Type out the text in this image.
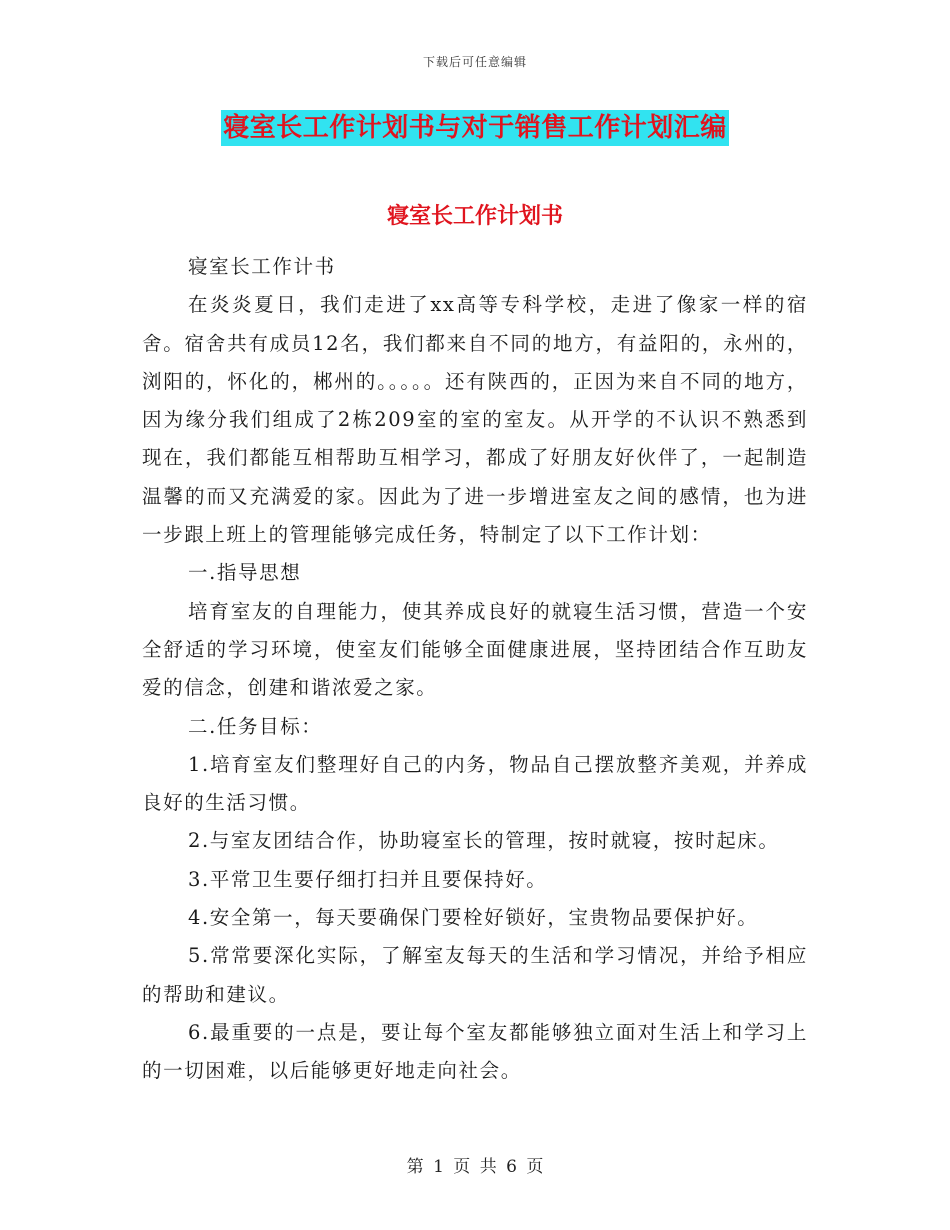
下载后可任意编辑
寝室长工作计划书与对于销售工作计划汇编
寝室长工作计划书

寝室长工作计书

在炎炎夏日，我们走进了xx高等专科学校，走进了像家一样的宿舍。宿舍共有成员12名，我们都来自不同的地方，有益阳的，永州的，浏阳的，怀化的，郴州的。。。。。还有陕西的，正因为来自不同的地方，因为缘分我们组成了2栋209室的室的室友。从开学的不认识不熟悉到现在，我们都能互相帮助互相学习，都成了好朋友好伙伴了，一起制造温馨的而又充满爱的家。因此为了进一步增进室友之间的感情，也为进一步跟上班上的管理能够完成任务，特制定了以下工作计划：

一.指导思想

培育室友的自理能力，使其养成良好的就寝生活习惯，营造一个安全舒适的学习环境，使室友们能够全面健康进展，坚持团结合作互助友爱的信念，创建和谐浓爱之家。

二.任务目标：

1.培育室友们整理好自己的内务，物品自己摆放整齐美观，并养成良好的生活习惯。

2.与室友团结合作，协助寝室长的管理，按时就寝，按时起床。

3.平常卫生要仔细打扫并且要保持好。

4.安全第一，每天要确保门要栓好锁好，宝贵物品要保护好。

5.常常要深化实际，了解室友每天的生活和学习情况，并给予相应的帮助和建议。

6.最重要的一点是，要让每个室友都能够独立面对生活上和学习上的一切困难，以后能够更好地走向社会。

第 1 页 共 6 页
